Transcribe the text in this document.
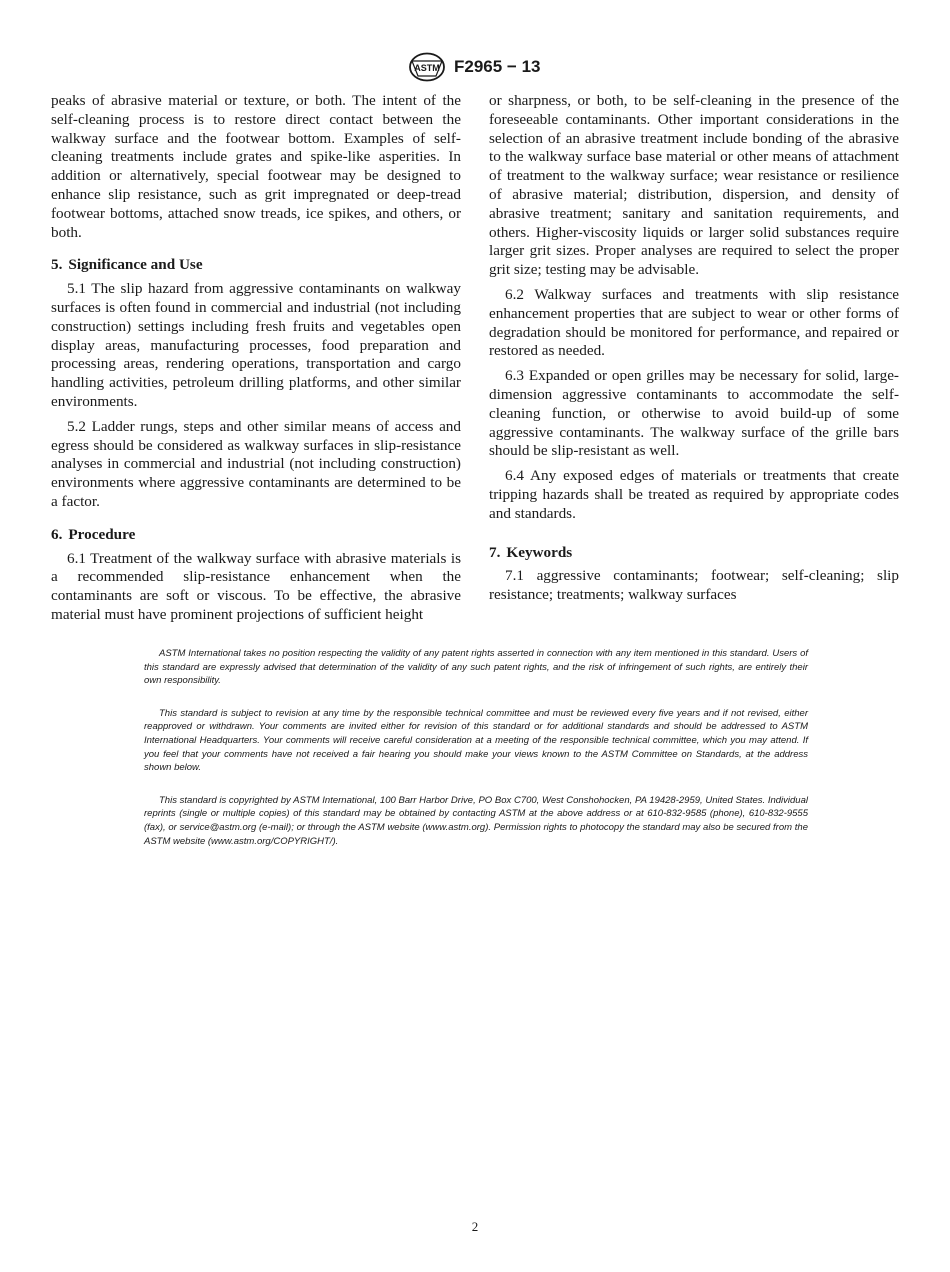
ASTM F2965 − 13

peaks of abrasive material or texture, or both. The intent of the self-cleaning process is to restore direct contact between the walkway surface and the footwear bottom. Examples of self-cleaning treatments include grates and spike-like asperities. In addition or alternatively, special footwear may be designed to enhance slip resistance, such as grit impregnated or deep-tread footwear bottoms, attached snow treads, ice spikes, and others, or both.

5. Significance and Use

5.1 The slip hazard from aggressive contaminants on walkway surfaces is often found in commercial and industrial (not including construction) settings including fresh fruits and vegetables open display areas, manufacturing processes, food preparation and processing areas, rendering operations, transportation and cargo handling activities, petroleum drilling platforms, and other similar environments.

5.2 Ladder rungs, steps and other similar means of access and egress should be considered as walkway surfaces in slip-resistance analyses in commercial and industrial (not including construction) environments where aggressive contaminants are determined to be a factor.

6. Procedure

6.1 Treatment of the walkway surface with abrasive materials is a recommended slip-resistance enhancement when the contaminants are soft or viscous. To be effective, the abrasive material must have prominent projections of sufficient height

or sharpness, or both, to be self-cleaning in the presence of the foreseeable contaminants. Other important considerations in the selection of an abrasive treatment include bonding of the abrasive to the walkway surface base material or other means of attachment of treatment to the walkway surface; wear resistance or resilience of abrasive material; distribution, dispersion, and density of abrasive treatment; sanitary and sanitation requirements, and others. Higher-viscosity liquids or larger solid substances require larger grit sizes. Proper analyses are required to select the proper grit size; testing may be advisable.

6.2 Walkway surfaces and treatments with slip resistance enhancement properties that are subject to wear or other forms of degradation should be monitored for performance, and repaired or restored as needed.

6.3 Expanded or open grilles may be necessary for solid, large-dimension aggressive contaminants to accommodate the self-cleaning function, or otherwise to avoid build-up of some aggressive contaminants. The walkway surface of the grille bars should be slip-resistant as well.

6.4 Any exposed edges of materials or treatments that create tripping hazards shall be treated as required by appropriate codes and standards.

7. Keywords

7.1 aggressive contaminants; footwear; self-cleaning; slip resistance; treatments; walkway surfaces

ASTM International takes no position respecting the validity of any patent rights asserted in connection with any item mentioned in this standard. Users of this standard are expressly advised that determination of the validity of any such patent rights, and the risk of infringement of such rights, are entirely their own responsibility.

This standard is subject to revision at any time by the responsible technical committee and must be reviewed every five years and if not revised, either reapproved or withdrawn. Your comments are invited either for revision of this standard or for additional standards and should be addressed to ASTM International Headquarters. Your comments will receive careful consideration at a meeting of the responsible technical committee, which you may attend. If you feel that your comments have not received a fair hearing you should make your views known to the ASTM Committee on Standards, at the address shown below.

This standard is copyrighted by ASTM International, 100 Barr Harbor Drive, PO Box C700, West Conshohocken, PA 19428-2959, United States. Individual reprints (single or multiple copies) of this standard may be obtained by contacting ASTM at the above address or at 610-832-9585 (phone), 610-832-9555 (fax), or service@astm.org (e-mail); or through the ASTM website (www.astm.org). Permission rights to photocopy the standard may also be secured from the ASTM website (www.astm.org/COPYRIGHT/).

2
